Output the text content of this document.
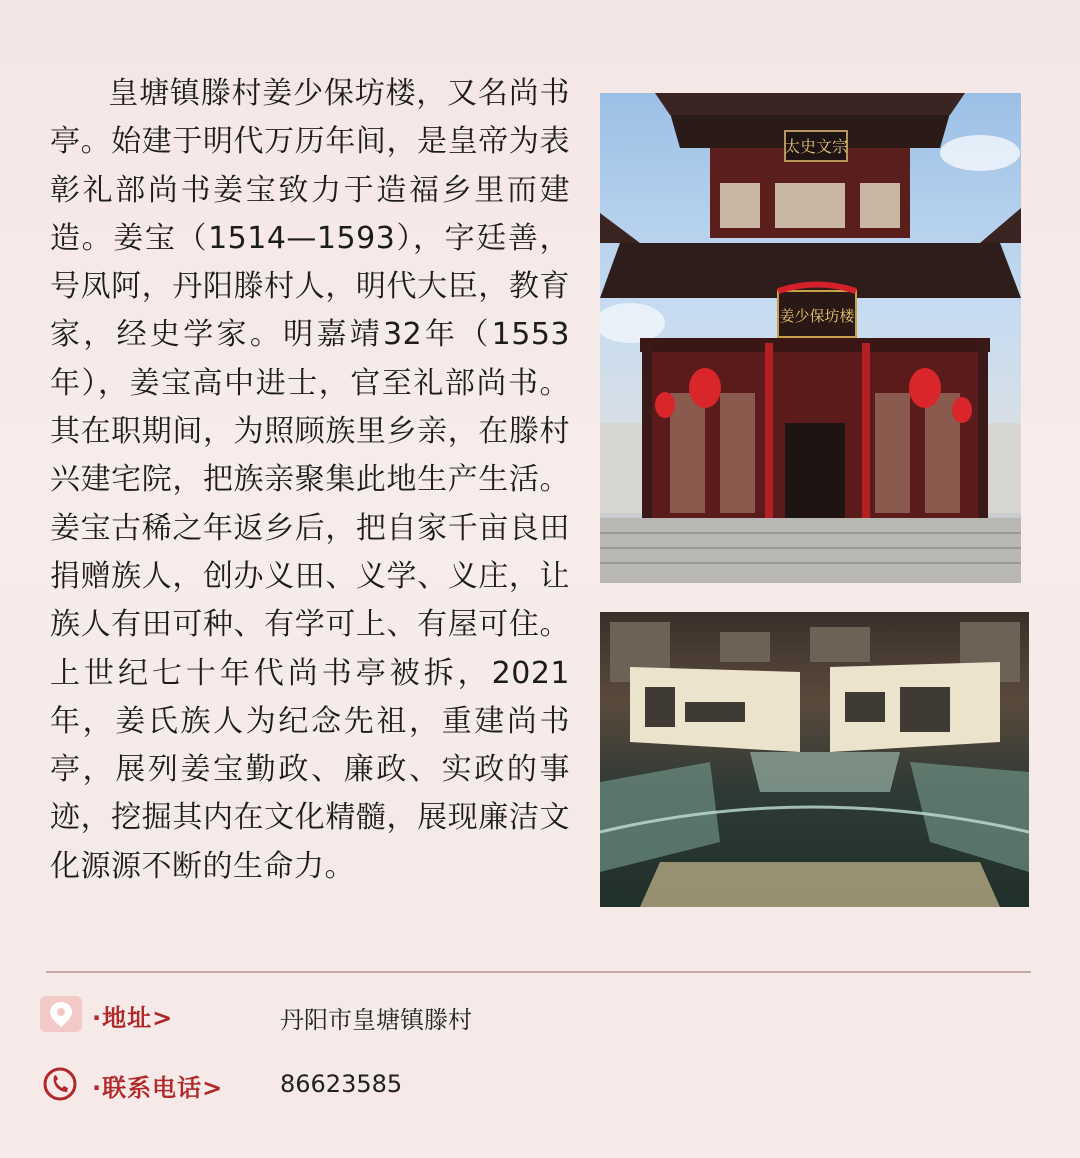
皇塘镇滕村姜少保坊楼，又名尚书亭。始建于明代万历年间，是皇帝为表彰礼部尚书姜宝致力于造福乡里而建造。姜宝（1514—1593），字廷善，号凤阿，丹阳滕村人，明代大臣，教育家，经史学家。明嘉靖32年（1553年），姜宝高中进士，官至礼部尚书。其在职期间，为照顾族里乡亲，在滕村兴建宅院，把族亲聚集此地生产生活。姜宝古稀之年返乡后，把自家千亩良田捐赠族人，创办义田、义学、义庄，让族人有田可种、有学可上、有屋可住。上世纪七十年代尚书亭被拆，2021年，姜氏族人为纪念先祖，重建尚书亭，展列姜宝勤政、廉政、实政的事迹，挖掘其内在文化精髓，展现廉洁文化源源不断的生命力。

太史文宗
姜少保坊楼
·地址>	丹阳市皇塘镇滕村
·联系电话> 86623585
